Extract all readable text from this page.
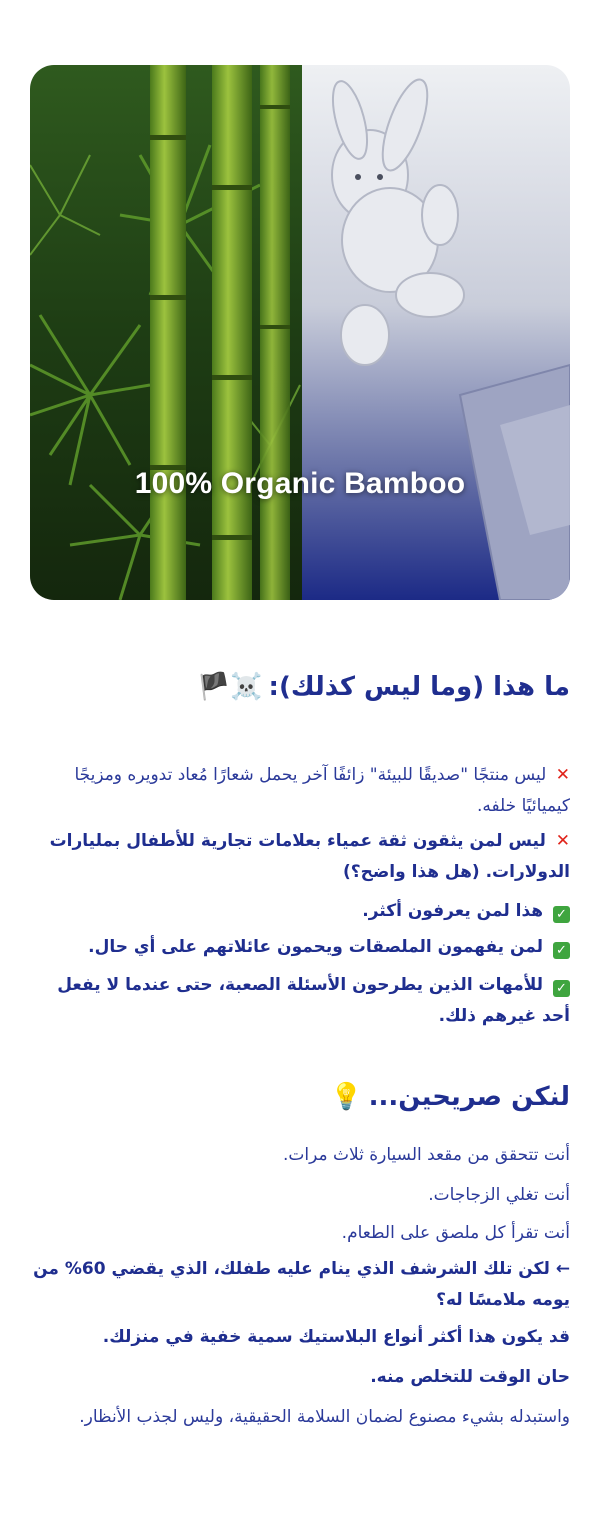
100% Organic Bamboo
🏴☠️ ما هذا (وما ليس كذلك):
✕ ليس منتجًا "صديقًا للبيئة" زائفًا آخر يحمل شعارًا مُعاد تدويره ومزيجًا كيميائيًا خلفه.
✕ ليس لمن يثقون ثقة عمياء بعلامات تجارية للأطفال بمليارات الدولارات. (هل هذا واضح؟)
✓ هذا لمن يعرفون أكثر.
✓ لمن يفهمون الملصقات ويحمون عائلاتهم على أي حال.
✓ للأمهات الذين يطرحون الأسئلة الصعبة، حتى عندما لا يفعل أحد غيرهم ذلك.
💡 لنكن صريحين...
أنت تتحقق من مقعد السيارة ثلاث مرات.
أنت تغلي الزجاجات.
أنت تقرأ كل ملصق على الطعام.
← لكن تلك الشرشف الذي ينام عليه طفلك، الذي يقضي 60% من يومه ملامسًا له؟
قد يكون هذا أكثر أنواع البلاستيك سمية خفية في منزلك.
حان الوقت للتخلص منه.
واستبدله بشيء مصنوع لضمان السلامة الحقيقية، وليس لجذب الأنظار.
